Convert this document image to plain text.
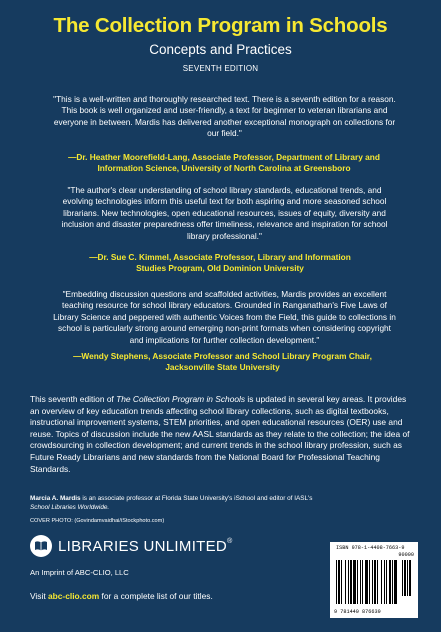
The Collection Program in Schools
Concepts and Practices
SEVENTH EDITION
"This is a well-written and thoroughly researched text. There is a seventh edition for a reason. This book is well organized and user-friendly, a text for beginner to veteran librarians and everyone in between. Mardis has delivered another exceptional monograph on collections for our field."
—Dr. Heather Moorefield-Lang, Associate Professor, Department of Library and
Information Science, University of North Carolina at Greensboro
"The author's clear understanding of school library standards, educational trends, and evolving technologies inform this useful text for both aspiring and more seasoned school librarians. New technologies, open educational resources, issues of equity, diversity and inclusion and disaster preparedness offer timeliness, relevance and inspiration for school library professional."
—Dr. Sue C. Kimmel, Associate Professor, Library and Information
Studies Program, Old Dominion University
"Embedding discussion questions and scaffolded activities, Mardis provides an excellent teaching resource for school library educators. Grounded in Ranganathan's Five Laws of Library Science and peppered with authentic Voices from the Field, this guide to collections in school is particularly strong around emerging non-print formats when considering copyright and implications for further collection development."
—Wendy Stephens, Associate Professor and School Library Program Chair,
Jacksonville State University
This seventh edition of The Collection Program in Schools is updated in several key areas. It provides an overview of key education trends affecting school library collections, such as digital textbooks, instructional improvement systems, STEM priorities, and open educational resources (OER) use and reuse. Topics of discussion include the new AASL standards as they relate to the collection; the idea of crowdsourcing in collection development; and current trends in the school library profession, such as Future Ready Librarians and new standards from the National Board for Professional Teaching Standards.
Marcia A. Mardis is an associate professor at Florida State University's iSchool and editor of IASL's
School Libraries Worldwide.
COVER PHOTO: (Govindamvaidhai/iStockphoto.com)
LIBRARIES UNLIMITED®
An Imprint of ABC-CLIO, LLC
Visit abc-clio.com for a complete list of our titles.
ISBN 978-1-4408-7663-9
90000
9 781440 876639
